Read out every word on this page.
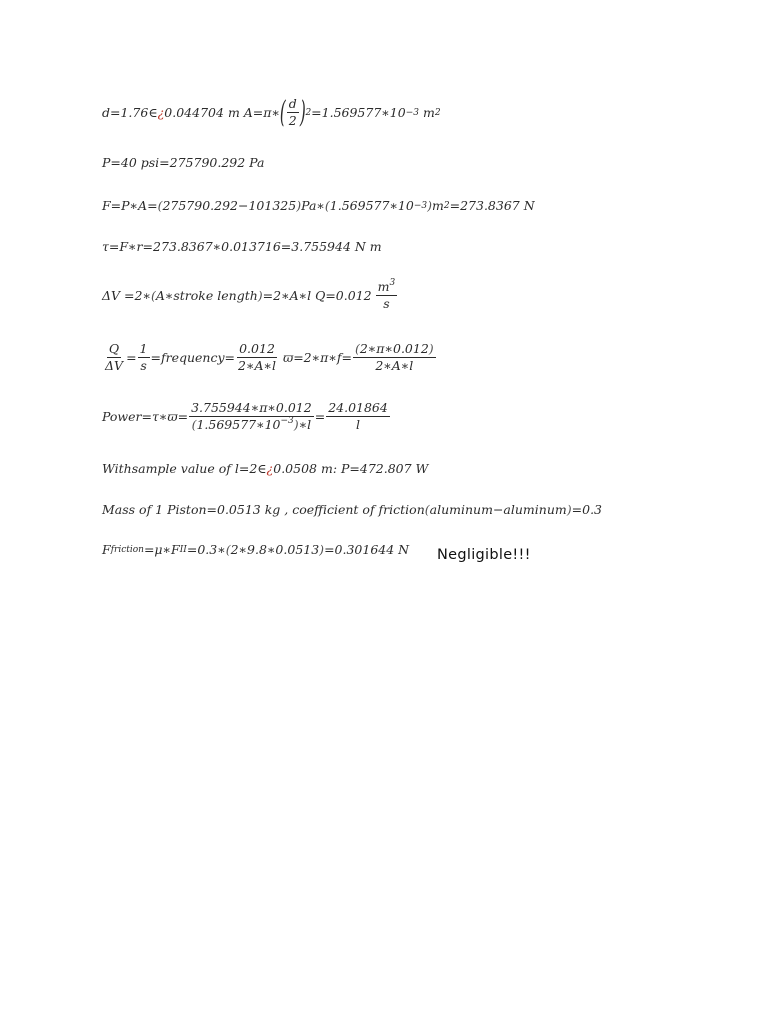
d=1.76 ∈ ¿ 0.044704 m A=π∗ ( $\frac{d}{2}$ ) 2 =1.569577∗10 −3 m 2
P=40 psi=275790.292 Pa
F=P∗A= ( 275790.292−101325 ) Pa∗ ( 1.569577∗10 −3 ) m 2 =273.8367 N
τ=F∗r=273.8367∗0.013716=3.755944 N m
ΔV =2∗ ( A∗stroke length ) =2∗A∗l $Q=0.012 \frac{m^3}{s}$
$\frac{Q}{\Delta V} = \frac{1}{s}$ =frequency= $\frac{0.012}{2∗A∗l}$ ϖ=2∗π∗f= $\frac{(2∗\pi∗0.012)}{2∗A∗l}$
Power=τ∗ϖ= $\frac{3.755944∗\pi∗0.012}{(1.569577∗10^{-3})∗l} = \frac{24.01864}{l}$
Withsample value of l=2 ∈ ¿ 0.0508 m: P=472.807 W
Mass of 1 Piston=0.0513 kg , coefficient of friction ( aluminum−aluminum ) =0.3
F friction =μ∗F II =0.3∗ ( 2∗9.8∗0.0513 ) =0.301644 N Negligible!!!
